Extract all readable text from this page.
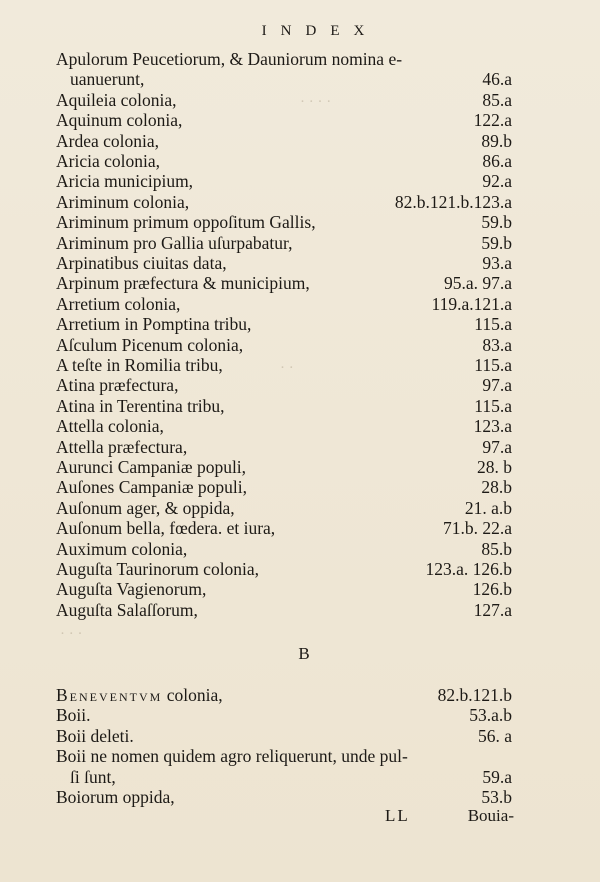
INDEX
· · · ·
· ·
· · ·
Apulorum Peucetiorum, & Dauniorum nomina e-
uanuerunt,	46.a
Aquileia colonia,	85.a
Aquinum colonia,	122.a
Ardea colonia,	89.b
Aricia colonia,	86.a
Aricia municipium,	92.a
Ariminum colonia,	82.b.121.b.123.a
Ariminum primum oppoſitum Gallis,	59.b
Ariminum pro Gallia uſurpabatur,	59.b
Arpinatibus ciuitas data,	93.a
Arpinum præfectura & municipium,	95.a. 97.a
Arretium colonia,	119.a.121.a
Arretium in Pomptina tribu,	115.a
Aſculum Picenum colonia,	83.a
A teſte in Romilia tribu,	115.a
Atina præfectura,	97.a
Atina in Terentina tribu,	115.a
Attella colonia,	123.a
Attella præfectura,	97.a
Aurunci Campaniæ populi,	28. b
Auſones Campaniæ populi,	28.b
Auſonum ager, & oppida,	21. a.b
Auſonum bella, fœdera. et iura,	71.b. 22.a
Auximum colonia,	85.b
Auguſta Taurinorum colonia,	123.a. 126.b
Auguſta Vagienorum,	126.b
Auguſta Salaſſorum,	127.a
B
Beneventvm colonia,	82.b.121.b
Boii.	53.a.b
Boii deleti.	56. a
Boii ne nomen quidem agro reliquerunt, unde pul-
ſi ſunt,	59.a
Boiorum oppida,	53.b
LL	Bouia-
